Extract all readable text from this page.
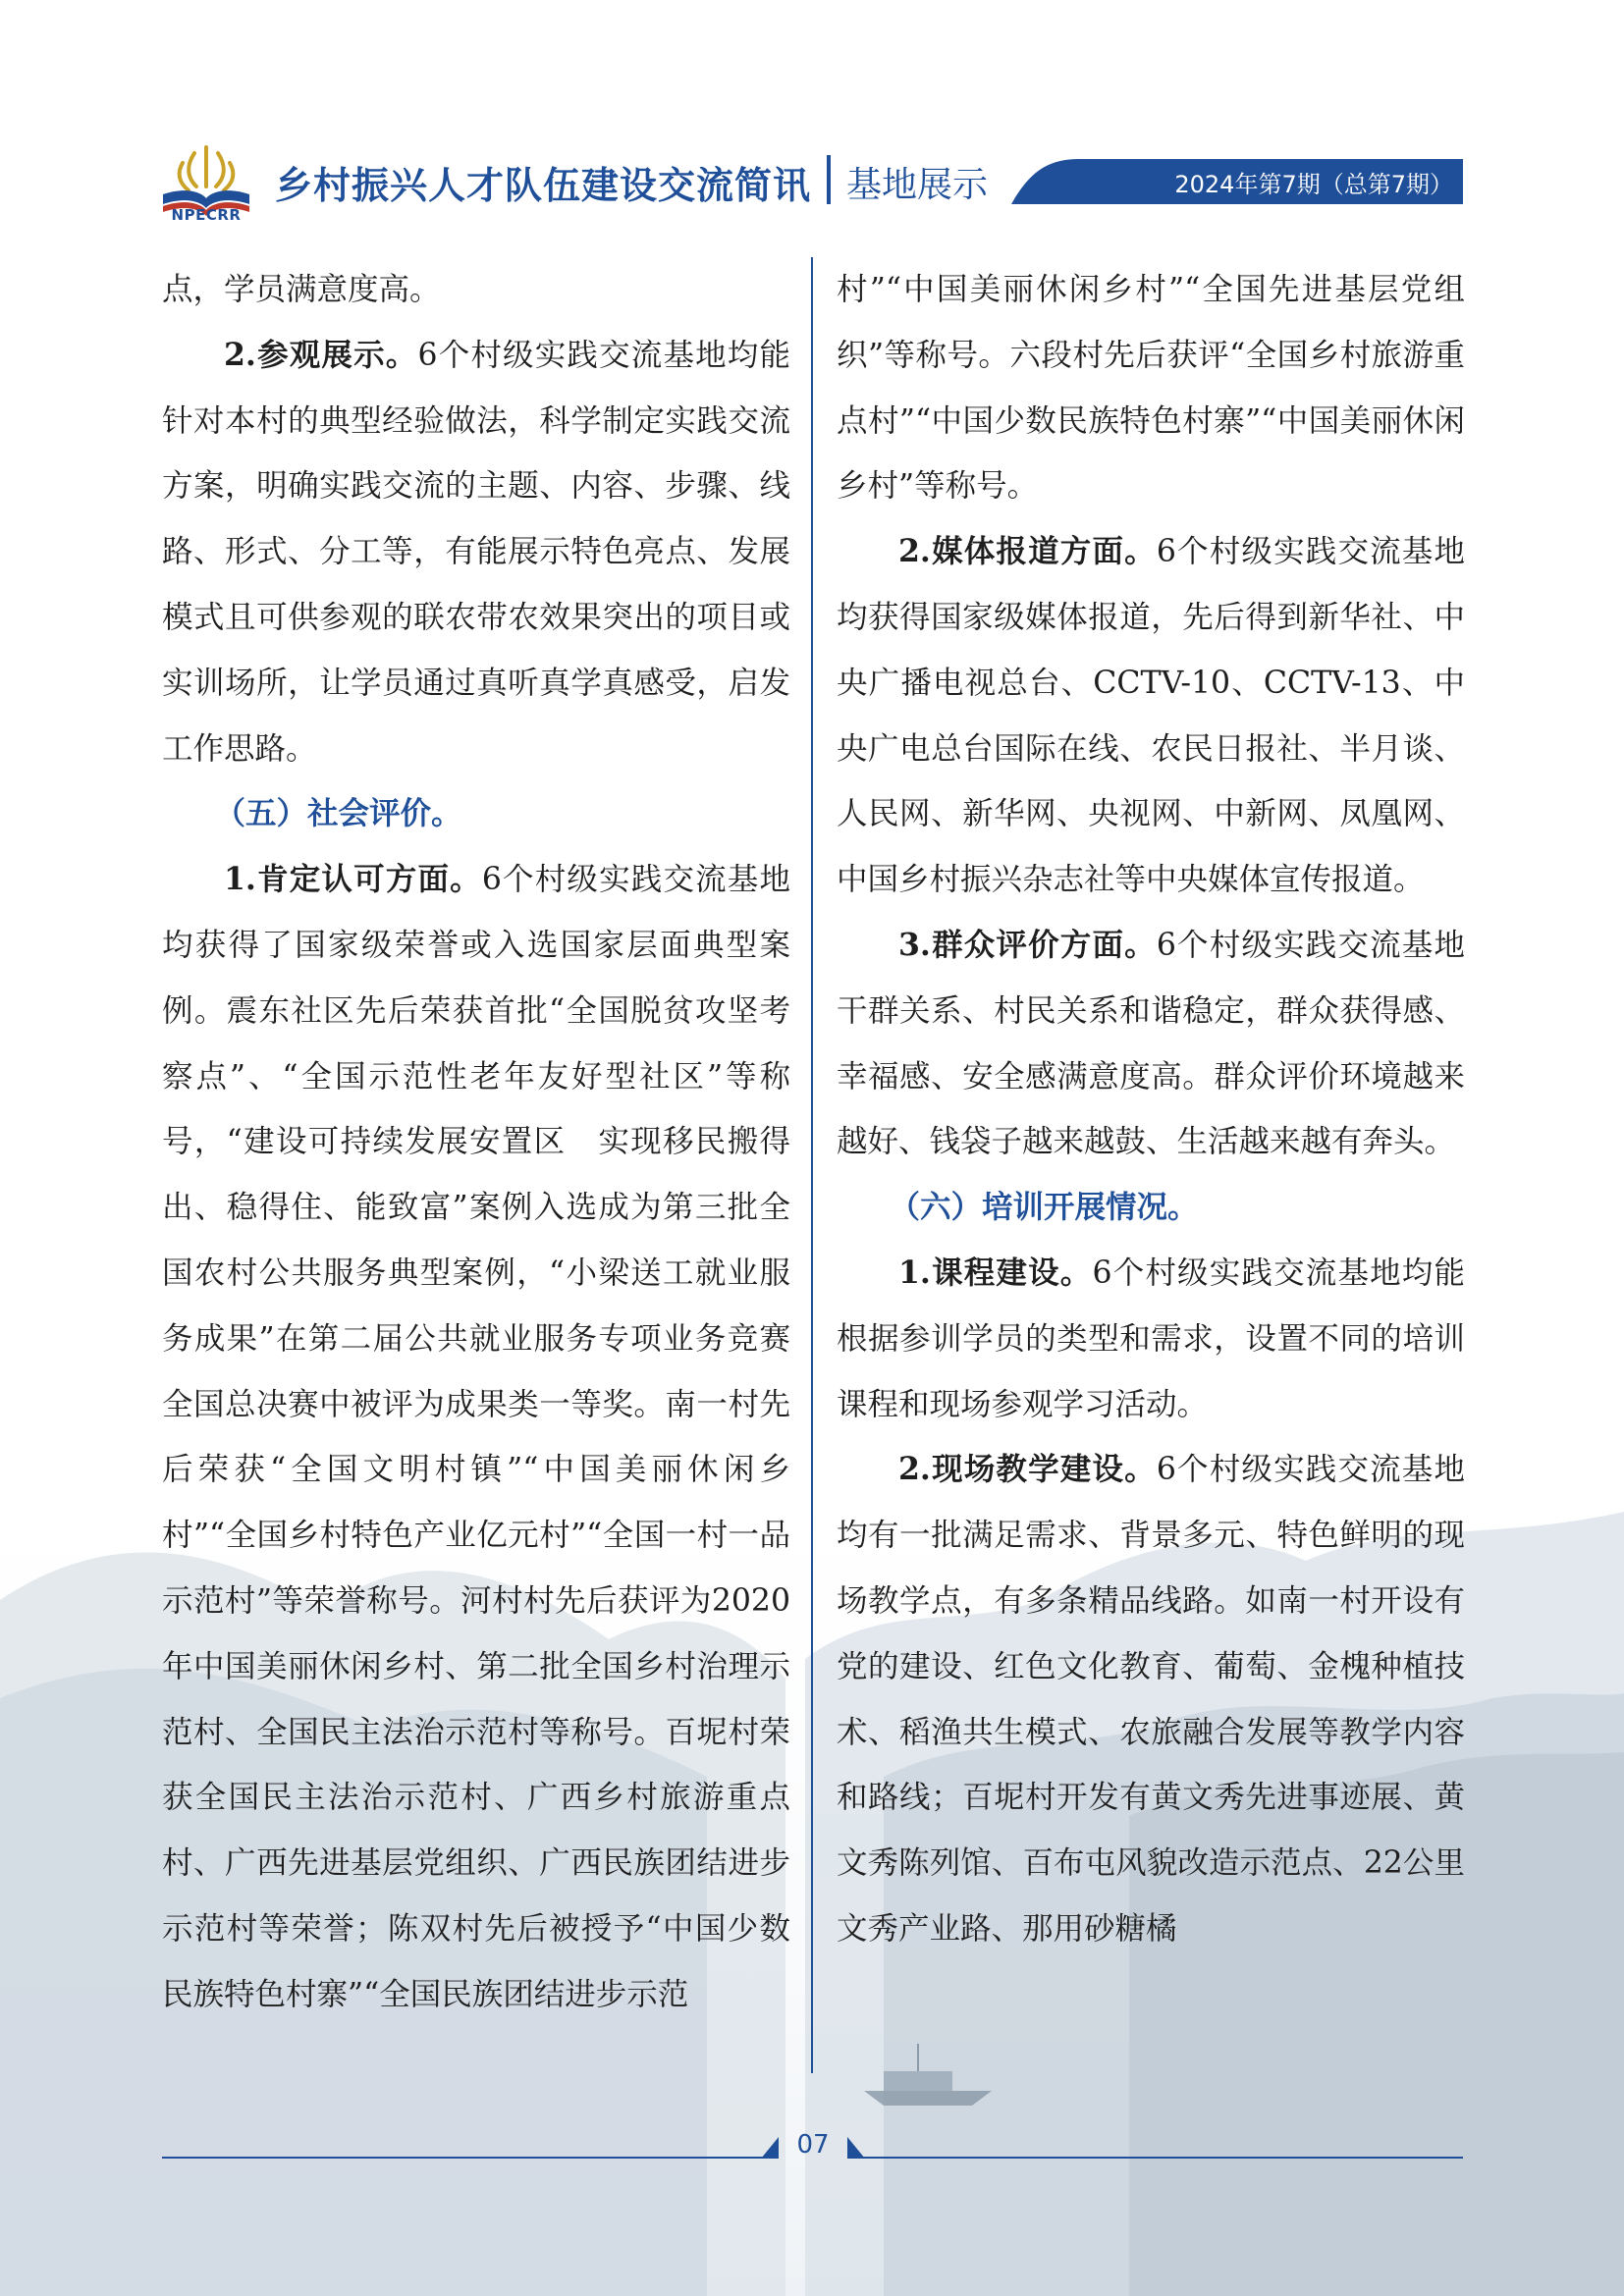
NPECRR
乡村振兴人才队伍建设交流简讯 基地展示	2024年第7期（总第7期）

点，学员满意度高。

2.参观展示。6个村级实践交流基地均能针对本村的典型经验做法，科学制定实践交流方案，明确实践交流的主题、内容、步骤、线路、形式、分工等，有能展示特色亮点、发展模式且可供参观的联农带农效果突出的项目或实训场所，让学员通过真听真学真感受，启发工作思路。

（五）社会评价。

1.肯定认可方面。6个村级实践交流基地均获得了国家级荣誉或入选国家层面典型案例。震东社区先后荣获首批“全国脱贫攻坚考察点”、“全国示范性老年友好型社区”等称号，“建设可持续发展安置区　实现移民搬得出、稳得住、能致富”案例入选成为第三批全国农村公共服务典型案例，“小梁送工就业服务成果”在第二届公共就业服务专项业务竞赛全国总决赛中被评为成果类一等奖。南一村先后荣获“全国文明村镇”“中国美丽休闲乡村”“全国乡村特色产业亿元村”“全国一村一品示范村”等荣誉称号。河村村先后获评为2020年中国美丽休闲乡村、第二批全国乡村治理示范村、全国民主法治示范村等称号。百坭村荣获全国民主法治示范村、广西乡村旅游重点村、广西先进基层党组织、广西民族团结进步示范村等荣誉；陈双村先后被授予“中国少数民族特色村寨”“全国民族团结进步示范

村”“中国美丽休闲乡村”“全国先进基层党组织”等称号。六段村先后获评“全国乡村旅游重点村”“中国少数民族特色村寨”“中国美丽休闲乡村”等称号。

2.媒体报道方面。6个村级实践交流基地均获得国家级媒体报道，先后得到新华社、中央广播电视总台、CCTV-10、CCTV-13、中央广电总台国际在线、农民日报社、半月谈、人民网、新华网、央视网、中新网、凤凰网、中国乡村振兴杂志社等中央媒体宣传报道。

3.群众评价方面。6个村级实践交流基地干群关系、村民关系和谐稳定，群众获得感、幸福感、安全感满意度高。群众评价环境越来越好、钱袋子越来越鼓、生活越来越有奔头。

（六）培训开展情况。

1.课程建设。6个村级实践交流基地均能根据参训学员的类型和需求，设置不同的培训课程和现场参观学习活动。

2.现场教学建设。6个村级实践交流基地均有一批满足需求、背景多元、特色鲜明的现场教学点，有多条精品线路。如南一村开设有党的建设、红色文化教育、葡萄、金槐种植技术、稻渔共生模式、农旅融合发展等教学内容和路线；百坭村开发有黄文秀先进事迹展、黄文秀陈列馆、百布屯风貌改造示范点、22公里文秀产业路、那用砂糖橘

07
